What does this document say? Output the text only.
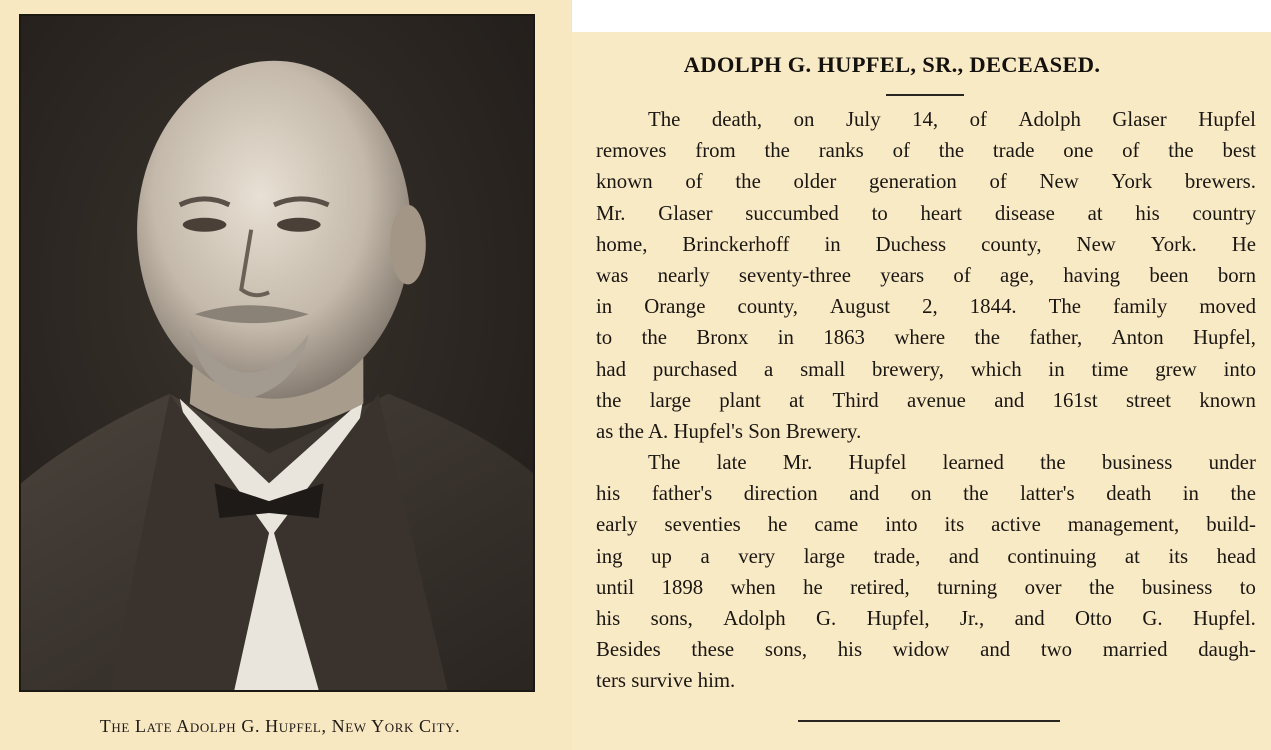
The Late Adolph G. Hupfel, New York City.
ADOLPH G. HUPFEL, SR., DECEASED.
The death, on July 14, of Adolph Glaser Hupfel
removes from the ranks of the trade one of the best
known of the older generation of New York brewers.
Mr. Glaser succumbed to heart disease at his country
home, Brinckerhoff in Duchess county, New York. He
was nearly seventy-three years of age, having been born
in Orange county, August 2, 1844. The family moved
to the Bronx in 1863 where the father, Anton Hupfel,
had purchased a small brewery, which in time grew into
the large plant at Third avenue and 161st street known
as the A. Hupfel's Son Brewery.
The late Mr. Hupfel learned the business under
his father's direction and on the latter's death in the
early seventies he came into its active management, build-
ing up a very large trade, and continuing at its head
until 1898 when he retired, turning over the business to
his sons, Adolph G. Hupfel, Jr., and Otto G. Hupfel.
Besides these sons, his widow and two married daugh-
ters survive him.
